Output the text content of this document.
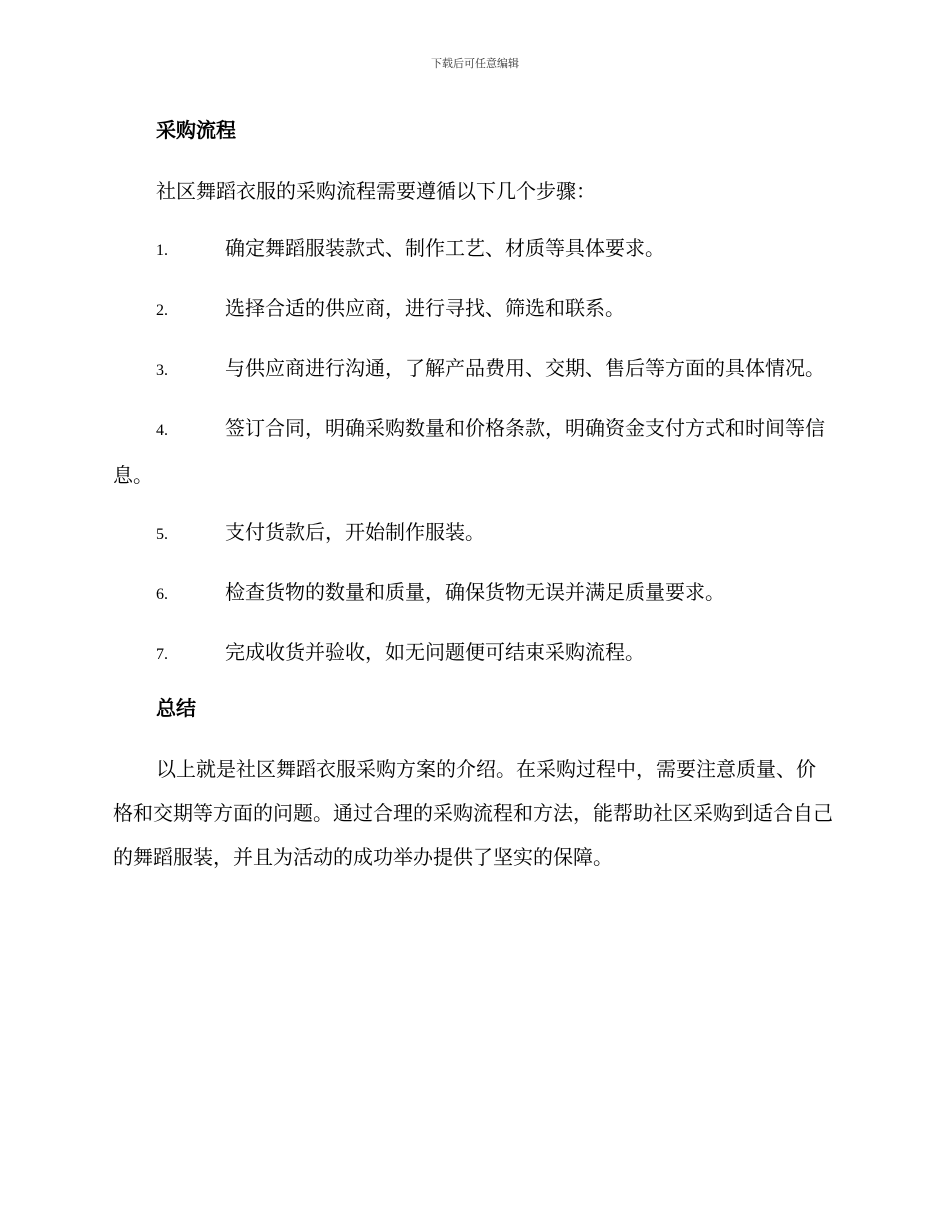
下载后可任意编辑
采购流程
社区舞蹈衣服的采购流程需要遵循以下几个步骤：
1.	确定舞蹈服装款式、制作工艺、材质等具体要求。
2.	选择合适的供应商，进行寻找、筛选和联系。
3.	与供应商进行沟通，了解产品费用、交期、售后等方面的具体情况。
4.	签订合同，明确采购数量和价格条款，明确资金支付方式和时间等信息。
5.	支付货款后，开始制作服装。
6.	检查货物的数量和质量，确保货物无误并满足质量要求。
7.	完成收货并验收，如无问题便可结束采购流程。
总结
以上就是社区舞蹈衣服采购方案的介绍。在采购过程中，需要注意质量、价格和交期等方面的问题。通过合理的采购流程和方法，能帮助社区采购到适合自己的舞蹈服装，并且为活动的成功举办提供了坚实的保障。
